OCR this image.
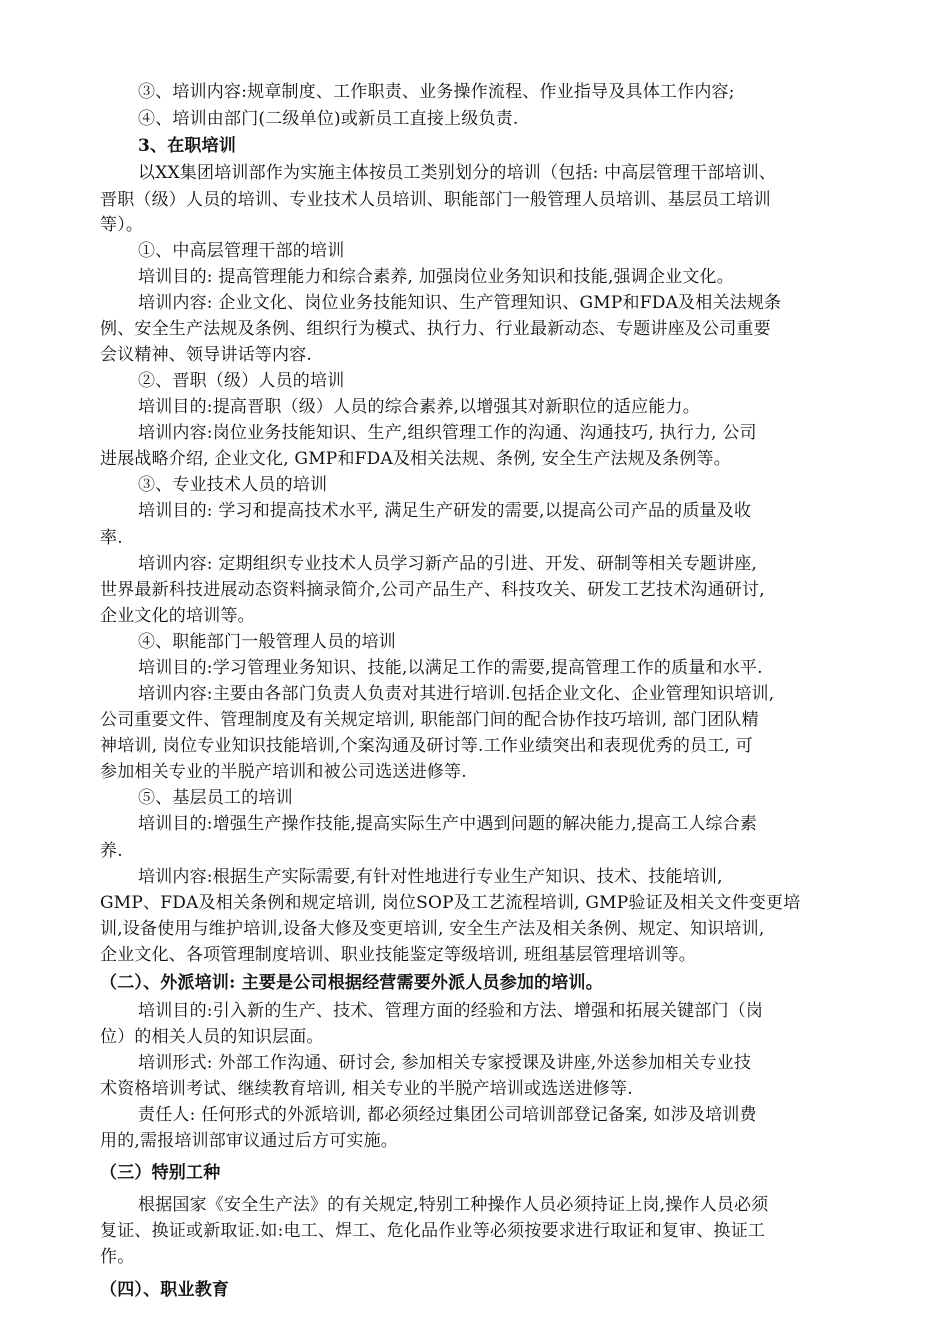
③、培训内容:规章制度、工作职责、业务操作流程、作业指导及具体工作内容;
④、培训由部门(二级单位)或新员工直接上级负责.
3、在职培训
以XX集团培训部作为实施主体按员工类别划分的培训（包括: 中高层管理干部培训、
晋职（级）人员的培训、专业技术人员培训、职能部门一般管理人员培训、基层员工培训
等）。
①、中高层管理干部的培训
培训目的: 提高管理能力和综合素养, 加强岗位业务知识和技能,强调企业文化。
培训内容: 企业文化、岗位业务技能知识、生产管理知识、GMP和FDA及相关法规条
例、安全生产法规及条例、组织行为模式、执行力、行业最新动态、专题讲座及公司重要
会议精神、领导讲话等内容.
②、晋职（级）人员的培训
培训目的:提高晋职（级）人员的综合素养,以增强其对新职位的适应能力。
培训内容:岗位业务技能知识、生产,组织管理工作的沟通、沟通技巧, 执行力, 公司
进展战略介绍, 企业文化, GMP和FDA及相关法规、条例, 安全生产法规及条例等。
③、专业技术人员的培训
培训目的: 学习和提高技术水平, 满足生产研发的需要,以提高公司产品的质量及收
率.
培训内容: 定期组织专业技术人员学习新产品的引进、开发、研制等相关专题讲座,
世界最新科技进展动态资料摘录简介,公司产品生产、科技攻关、研发工艺技术沟通研讨,
企业文化的培训等。
④、职能部门一般管理人员的培训
培训目的:学习管理业务知识、技能,以满足工作的需要,提高管理工作的质量和水平.
培训内容:主要由各部门负责人负责对其进行培训.包括企业文化、企业管理知识培训,
公司重要文件、管理制度及有关规定培训, 职能部门间的配合协作技巧培训, 部门团队精
神培训, 岗位专业知识技能培训,个案沟通及研讨等.工作业绩突出和表现优秀的员工, 可
参加相关专业的半脱产培训和被公司选送进修等.
⑤、基层员工的培训
培训目的:增强生产操作技能,提高实际生产中遇到问题的解决能力,提高工人综合素
养.
培训内容:根据生产实际需要,有针对性地进行专业生产知识、技术、技能培训,
GMP、FDA及相关条例和规定培训, 岗位SOP及工艺流程培训, GMP验证及相关文件变更培
训,设备使用与维护培训,设备大修及变更培训, 安全生产法及相关条例、规定、知识培训,
企业文化、各项管理制度培训、职业技能鉴定等级培训, 班组基层管理培训等。
（二）、外派培训: 主要是公司根据经营需要外派人员参加的培训。
培训目的:引入新的生产、技术、管理方面的经验和方法、增强和拓展关键部门（岗
位）的相关人员的知识层面。
培训形式: 外部工作沟通、研讨会, 参加相关专家授课及讲座,外送参加相关专业技
术资格培训考试、继续教育培训, 相关专业的半脱产培训或选送进修等.
责任人: 任何形式的外派培训, 都必须经过集团公司培训部登记备案, 如涉及培训费
用的,需报培训部审议通过后方可实施。
（三）特别工种
根据国家《安全生产法》的有关规定,特别工种操作人员必须持证上岗,操作人员必须
复证、换证或新取证.如:电工、焊工、危化品作业等必须按要求进行取证和复审、换证工
作。
（四）、职业教育
